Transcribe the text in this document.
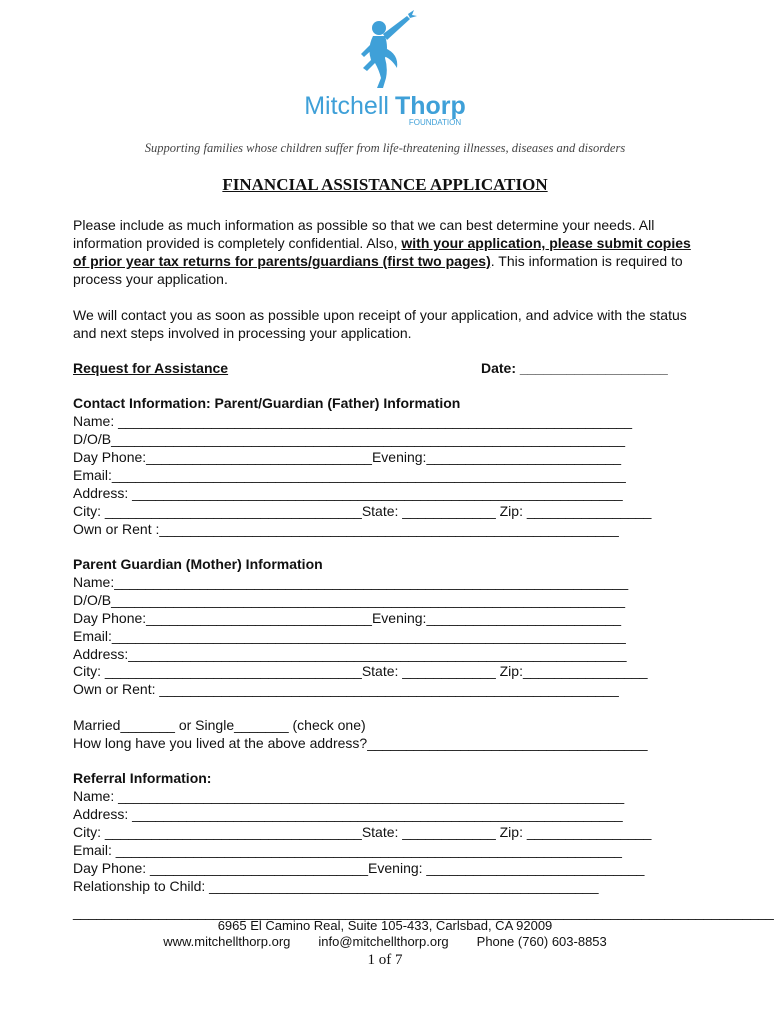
Mitchell Thorp
FOUNDATION
Supporting families whose children suffer from life-threatening illnesses, diseases and disorders
FINANCIAL ASSISTANCE APPLICATION
Please include as much information as possible so that we can best determine your needs. All information provided is completely confidential. Also, with your application, please submit copies of prior year tax returns for parents/guardians (first two pages). This information is required to process your application.
We will contact you as soon as possible upon receipt of your application, and advice with the status and next steps involved in processing your application.
Request for Assistance	Date: ___________________
Contact Information: Parent/Guardian (Father) Information
Name: __________________________________________________________________
D/O/B__________________________________________________________________
Day Phone:_____________________________Evening:_________________________
Email:__________________________________________________________________
Address: _______________________________________________________________
City: _________________________________State: ____________ Zip: ________________
Own or Rent :___________________________________________________________
Parent Guardian (Mother) Information
Name:__________________________________________________________________
D/O/B__________________________________________________________________
Day Phone:_____________________________Evening:_________________________
Email:__________________________________________________________________
Address:________________________________________________________________
City: _________________________________State: ____________ Zip:________________
Own or Rent: ___________________________________________________________
Married_______ or Single_______ (check one)
How long have you lived at the above address?____________________________________
Referral Information:
Name: _________________________________________________________________
Address: _______________________________________________________________
City: _________________________________State: ____________ Zip: ________________
Email: _________________________________________________________________
Day Phone: ____________________________Evening: ____________________________
Relationship to Child: __________________________________________________
__________________________________________________________________________________________
6965 El Camino Real, Suite 105-433, Carlsbad, CA 92009
www.mitchellthorp.org info@mitchellthorp.org Phone (760) 603-8853
1 of 7
